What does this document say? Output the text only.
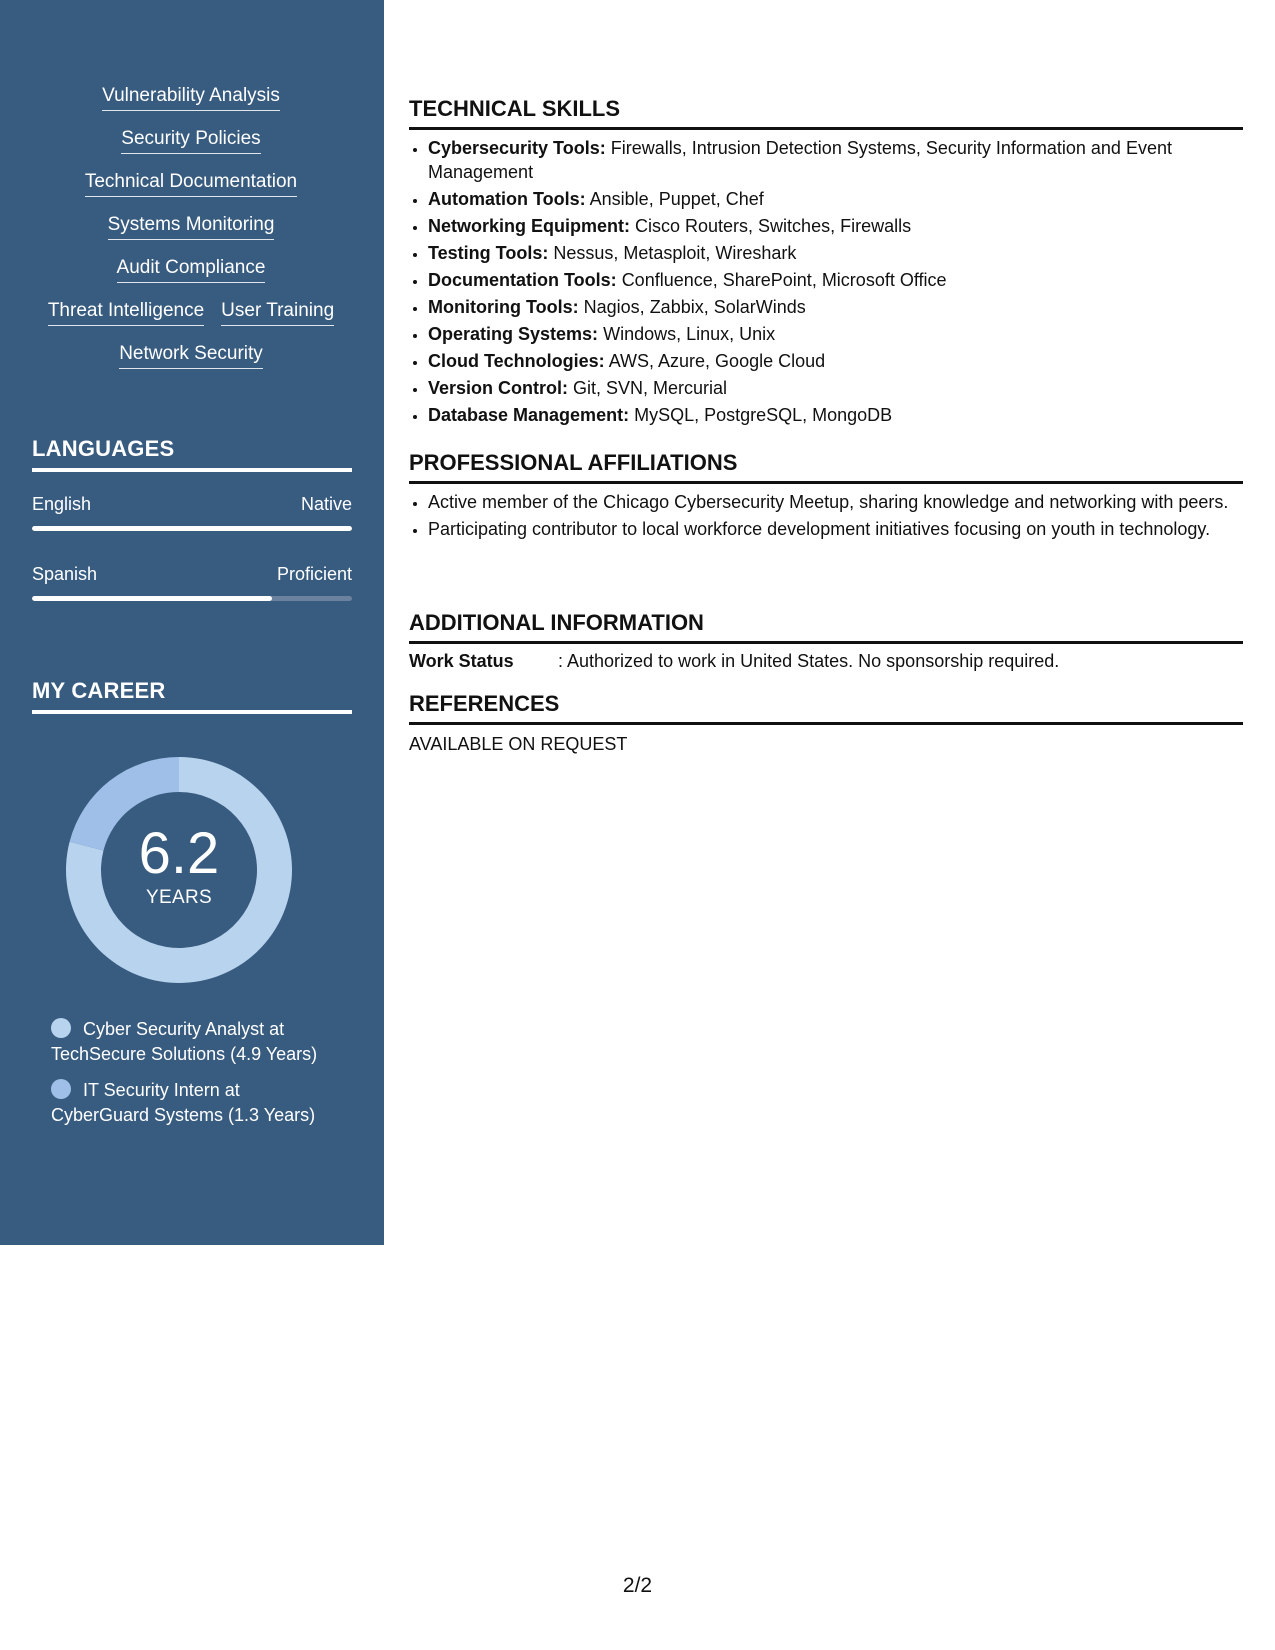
Vulnerability Analysis
Security Policies
Technical Documentation
Systems Monitoring
Audit Compliance
Threat Intelligence User Training
Network Security
LANGUAGES
English	Native
Spanish	Proficient
MY CAREER
6.2
YEARS
Cyber Security Analyst at TechSecure Solutions (4.9 Years)
IT Security Intern at CyberGuard Systems (1.3 Years)
TECHNICAL SKILLS
• Cybersecurity Tools: Firewalls, Intrusion Detection Systems, Security Information and Event Management
• Automation Tools: Ansible, Puppet, Chef
• Networking Equipment: Cisco Routers, Switches, Firewalls
• Testing Tools: Nessus, Metasploit, Wireshark
• Documentation Tools: Confluence, SharePoint, Microsoft Office
• Monitoring Tools: Nagios, Zabbix, SolarWinds
• Operating Systems: Windows, Linux, Unix
• Cloud Technologies: AWS, Azure, Google Cloud
• Version Control: Git, SVN, Mercurial
• Database Management: MySQL, PostgreSQL, MongoDB
PROFESSIONAL AFFILIATIONS
• Active member of the Chicago Cybersecurity Meetup, sharing knowledge and networking with peers.
• Participating contributor to local workforce development initiatives focusing on youth in technology.
ADDITIONAL INFORMATION
Work Status : Authorized to work in United States. No sponsorship required.
REFERENCES
AVAILABLE ON REQUEST
2/2
